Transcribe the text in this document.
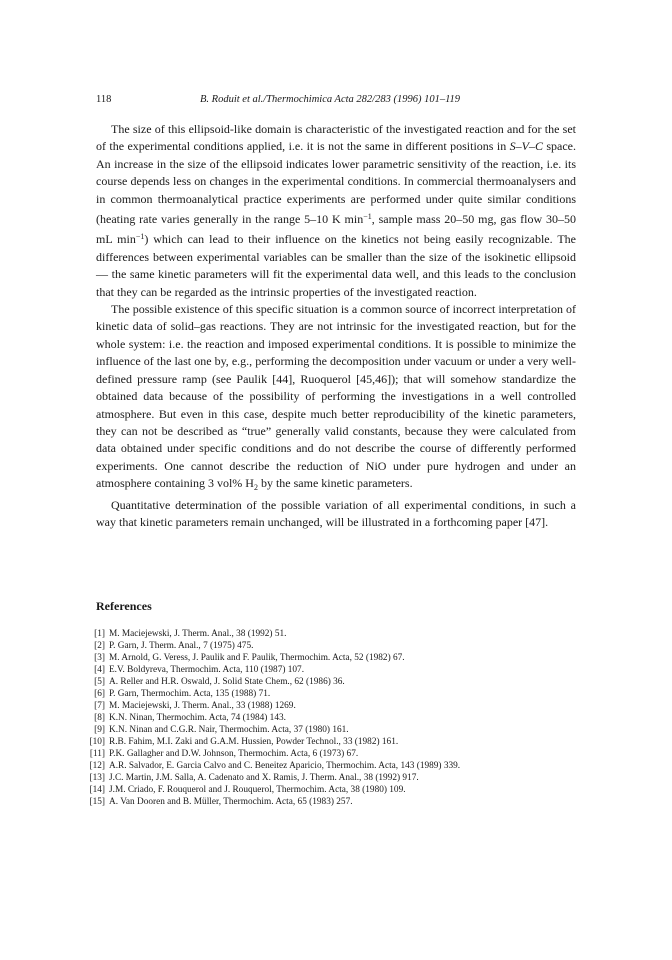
118	B. Roduit et al./Thermochimica Acta 282/283 (1996) 101–119

The size of this ellipsoid-like domain is characteristic of the investigated reaction and for the set of the experimental conditions applied, i.e. it is not the same in different positions in S–V–C space. An increase in the size of the ellipsoid indicates lower parametric sensitivity of the reaction, i.e. its course depends less on changes in the experimental conditions. In commercial thermoanalysers and in common thermoanalytical practice experiments are performed under quite similar conditions (heating rate varies generally in the range 5–10 K $\min^{-1}$, sample mass 20–50 mg, gas flow 30–50 mL $\min^{-1}$) which can lead to their influence on the kinetics not being easily recognizable. The differences between experimental variables can be smaller than the size of the isokinetic ellipsoid — the same kinetic parameters will fit the experimental data well, and this leads to the conclusion that they can be regarded as the intrinsic properties of the investigated reaction.

The possible existence of this specific situation is a common source of incorrect interpretation of kinetic data of solid–gas reactions. They are not intrinsic for the investigated reaction, but for the whole system: i.e. the reaction and imposed experimental conditions. It is possible to minimize the influence of the last one by, e.g., performing the decomposition under vacuum or under a very well-defined pressure ramp (see Paulik [44], Ruoquerol [45,46]); that will somehow standardize the obtained data because of the possibility of performing the investigations in a well controlled atmosphere. But even in this case, despite much better reproducibility of the kinetic parameters, they can not be described as “true” generally valid constants, because they were calculated from data obtained under specific conditions and do not describe the course of differently performed experiments. One cannot describe the reduction of NiO under pure hydrogen and under an atmosphere containing 3 vol% $H_2$ by the same kinetic parameters.

Quantitative determination of the possible variation of all experimental conditions, in such a way that kinetic parameters remain unchanged, will be illustrated in a forthcoming paper [47].

References
[1] M. Maciejewski, J. Therm. Anal., 38 (1992) 51.
[2] P. Garn, J. Therm. Anal., 7 (1975) 475.
[3] M. Arnold, G. Veress, J. Paulik and F. Paulik, Thermochim. Acta, 52 (1982) 67.
[4] E.V. Boldyreva, Thermochim. Acta, 110 (1987) 107.
[5] A. Reller and H.R. Oswald, J. Solid State Chem., 62 (1986) 36.
[6] P. Garn, Thermochim. Acta, 135 (1988) 71.
[7] M. Maciejewski, J. Therm. Anal., 33 (1988) 1269.
[8] K.N. Ninan, Thermochim. Acta, 74 (1984) 143.
[9] K.N. Ninan and C.G.R. Nair, Thermochim. Acta, 37 (1980) 161.
[10] R.B. Fahim, M.I. Zaki and G.A.M. Hussien, Powder Technol., 33 (1982) 161.
[11] P.K. Gallagher and D.W. Johnson, Thermochim. Acta, 6 (1973) 67.
[12] A.R. Salvador, E. Garcia Calvo and C. Beneitez Aparicio, Thermochim. Acta, 143 (1989) 339.
[13] J.C. Martin, J.M. Salla, A. Cadenato and X. Ramis, J. Therm. Anal., 38 (1992) 917.
[14] J.M. Criado, F. Rouquerol and J. Rouquerol, Thermochim. Acta, 38 (1980) 109.
[15] A. Van Dooren and B. Müller, Thermochim. Acta, 65 (1983) 257.
